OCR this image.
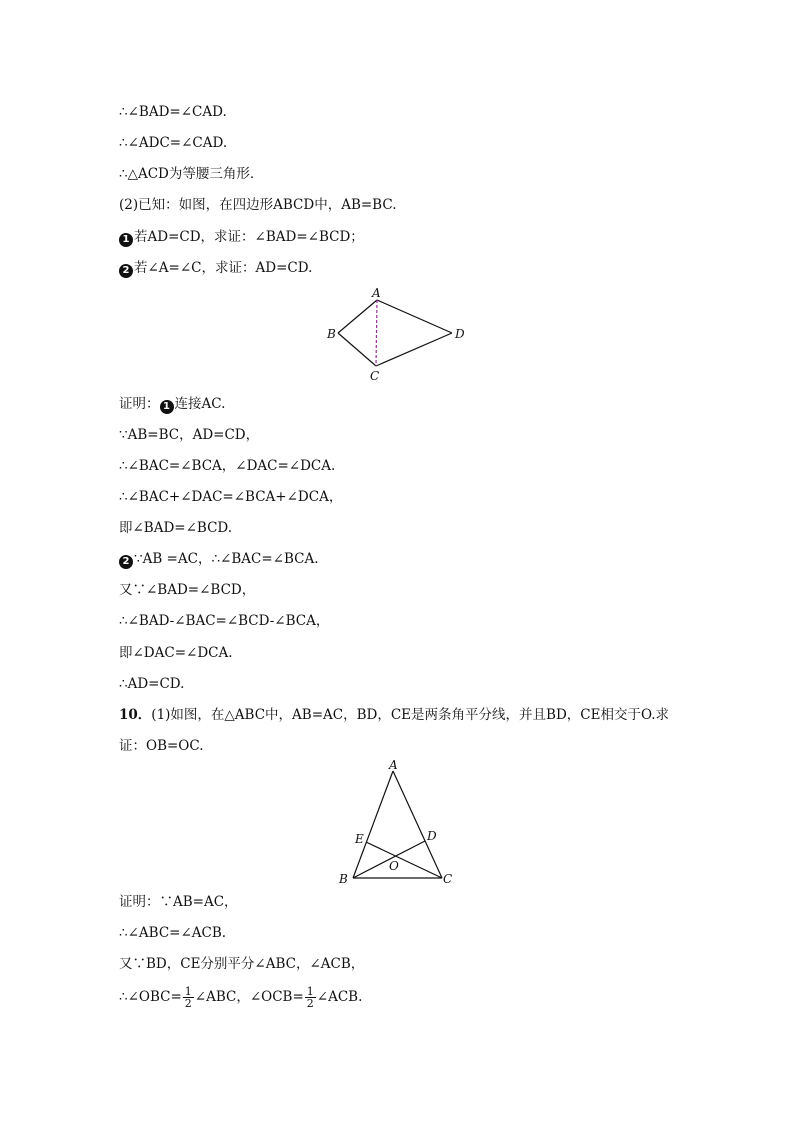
∴∠BAD=∠CAD.
∴∠ADC=∠CAD.
∴△ACD为等腰三角形．
(2)已知：如图，在四边形ABCD中，AB=BC.
1 若AD=CD，求证：∠BAD=∠BCD；
2 若∠A=∠C，求证：AD=CD.
A
B
C
D
证明： 1 连接AC.
∵AB=BC，AD=CD，
∴∠BAC=∠BCA，∠DAC=∠DCA.
∴∠BAC+∠DAC=∠BCA+∠DCA，
即∠BAD=∠BCD.
2 ∵AB =AC，∴∠BAC=∠BCA.
又∵∠BAD=∠BCD，
∴∠BAD-∠BAC=∠BCD-∠BCA，
即∠DAC=∠DCA.
∴AD=CD.
10．(1)如图，在△ABC中，AB=AC，BD，CE是两条角平分线，并且BD，CE相交于O.求
证：OB=OC.
A
E	D
O
B	C
证明：∵AB=AC，
∴∠ABC=∠ACB.
又∵BD，CE分别平分∠ABC，∠ACB，
∴∠OBC= $\frac{1}{2}$ ∠ABC，∠OCB= $\frac{1}{2}$ ∠ACB.
